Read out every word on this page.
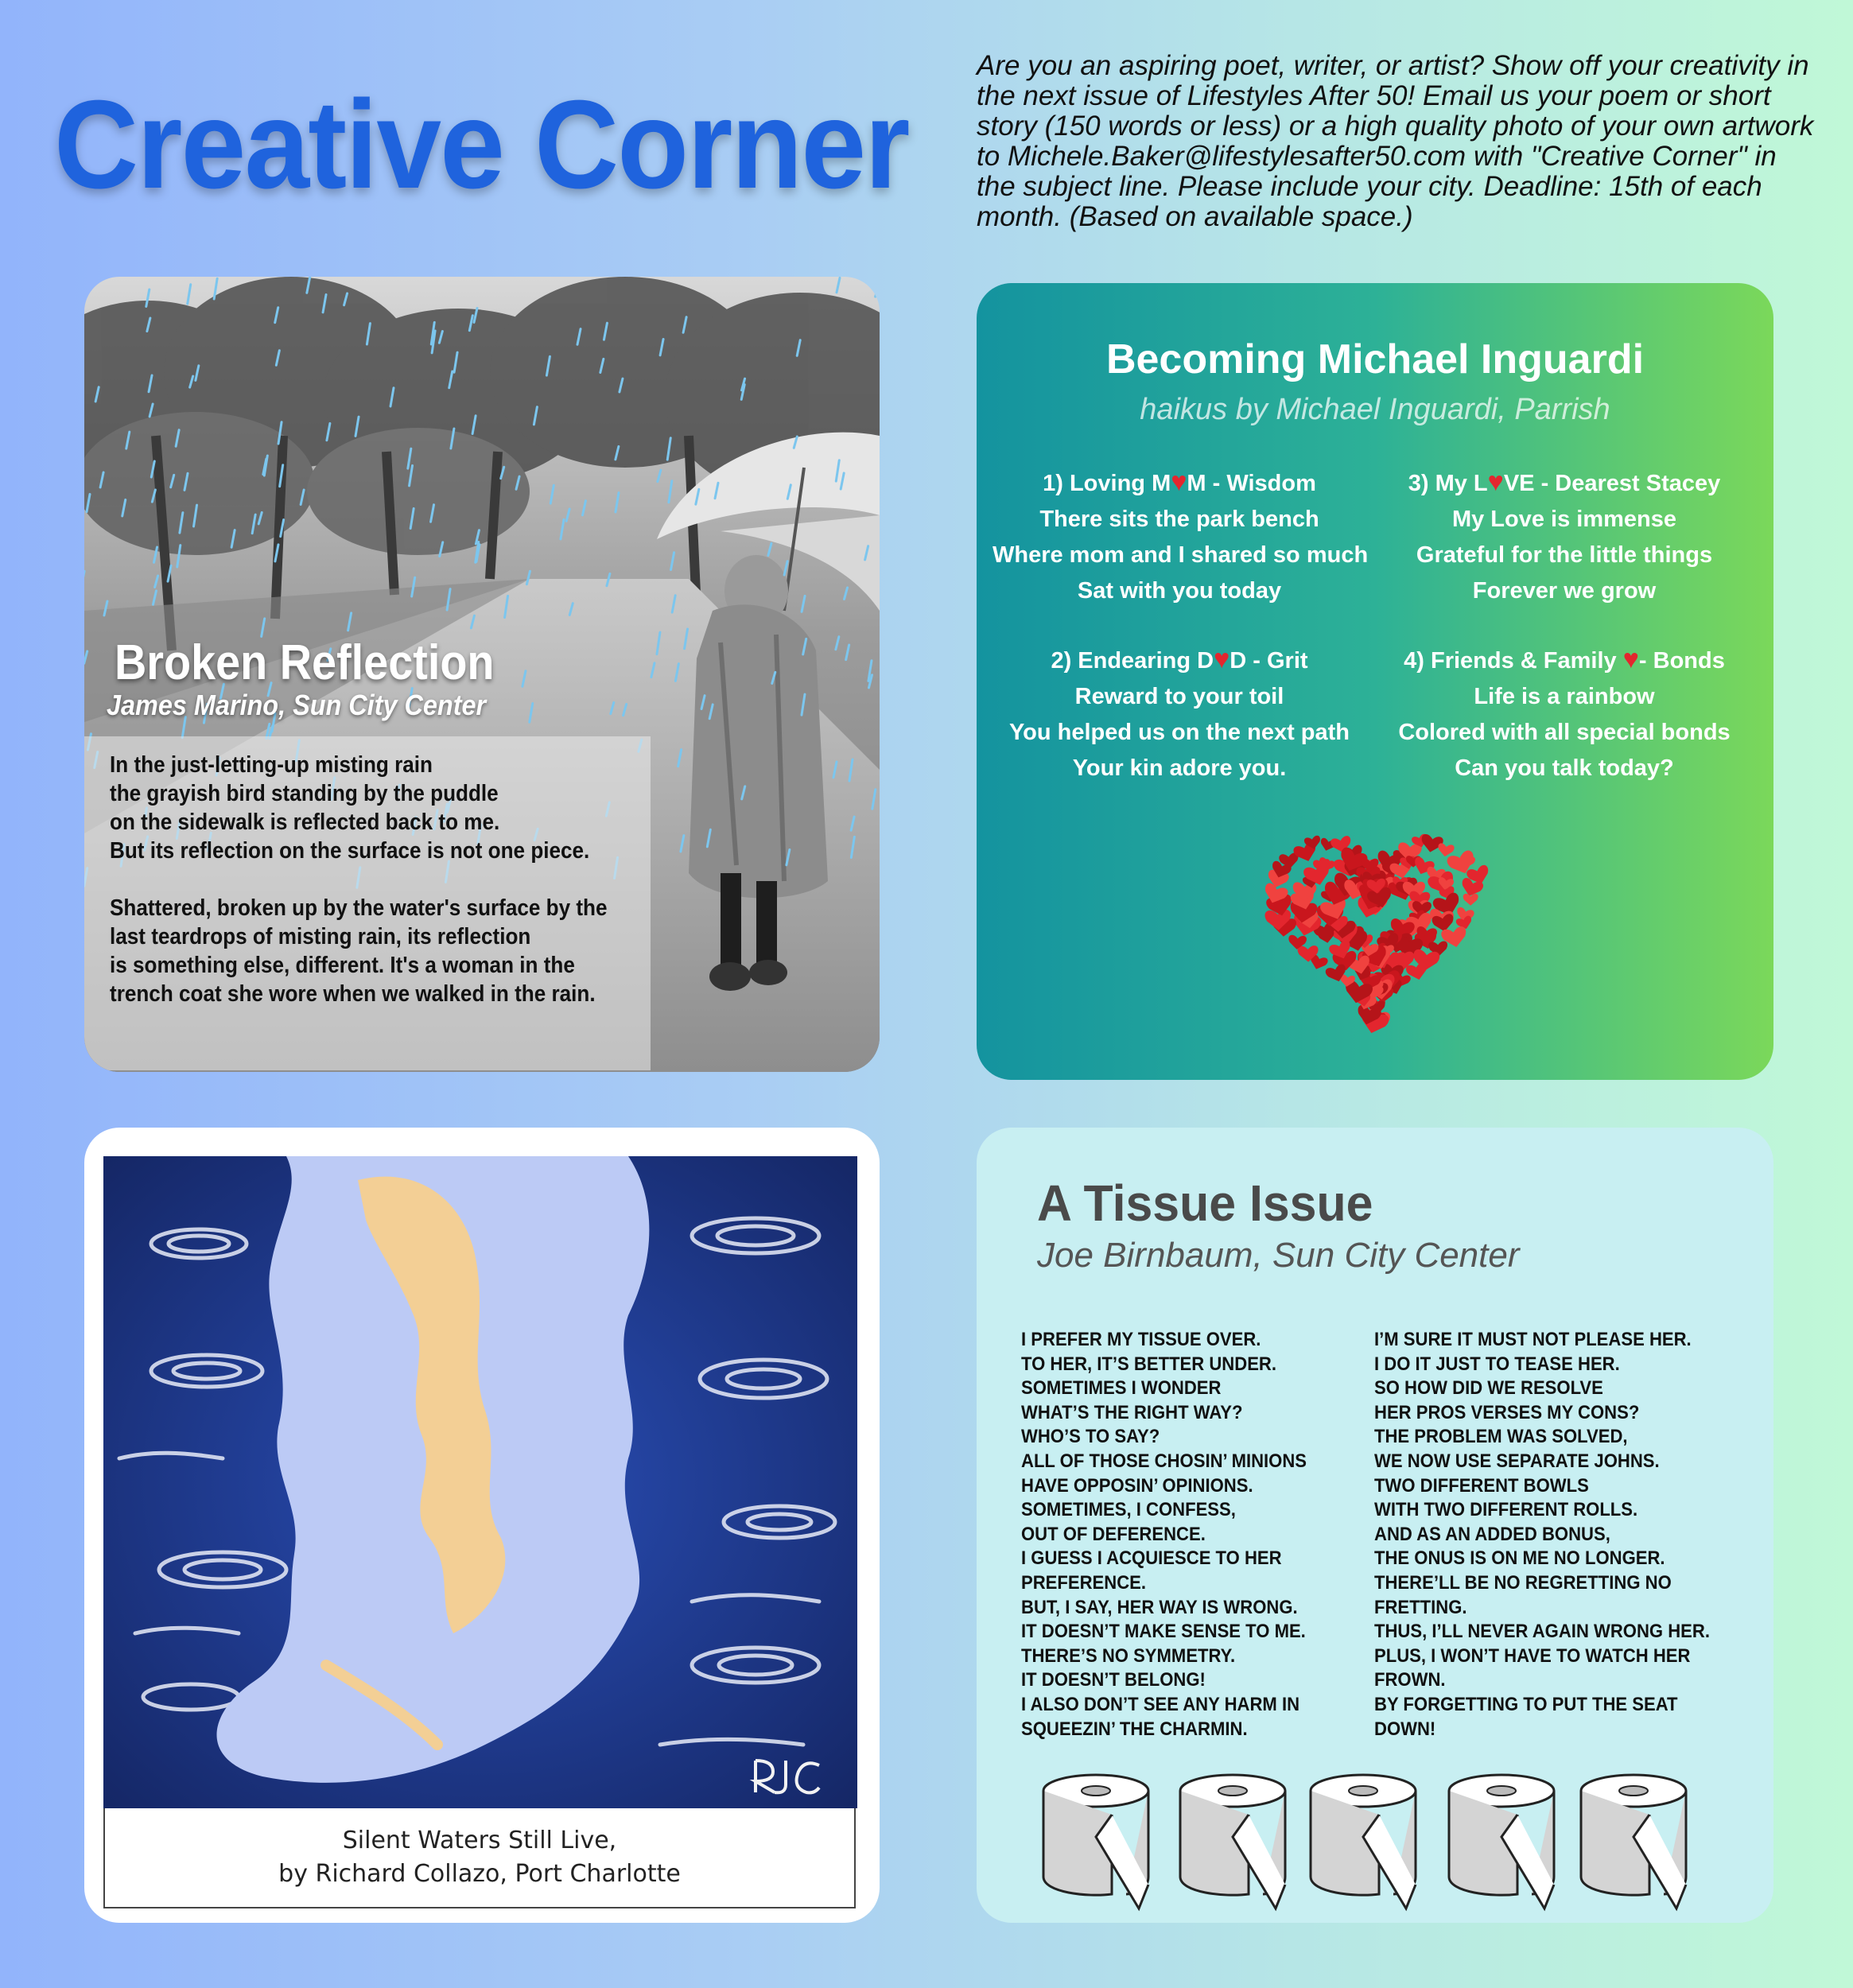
Creative Corner
Are you an aspiring poet, writer, or artist? Show off your creativity in the next issue of Lifestyles After 50! Email us your poem or short story (150 words or less) or a high quality photo of your own artwork to Michele.Baker@lifestylesafter50.com with "Creative Corner" in the subject line. Please include your city. Deadline: 15th of each month. (Based on available space.)
Broken Reflection
James Marino, Sun City Center

In the just-letting-up misting rain
the grayish bird standing by the puddle
on the sidewalk is reflected back to me.
But its reflection on the surface is not one piece.

Shattered, broken up by the water's surface by the
last teardrops of misting rain, its reflection
is something else, different. It's a woman in the
trench coat she wore when we walked in the rain.

Becoming Michael Inguardi
haikus by Michael Inguardi, Parrish
1) Loving M♥M - Wisdom
There sits the park bench
Where mom and I shared so much
Sat with you today
3) My L♥VE - Dearest Stacey
My Love is immense
Grateful for the little things
Forever we grow
2) Endearing D♥D - Grit
Reward to your toil
You helped us on the next path
Your kin adore you.
4) Friends & Family ♥- Bonds
Life is a rainbow
Colored with all special bonds
Can you talk today?
Silent Waters Still Live,
by Richard Collazo, Port Charlotte
A Tissue Issue
Joe Birnbaum, Sun City Center
I PREFER MY TISSUE OVER.
TO HER, IT’S BETTER UNDER.
SOMETIMES I WONDER
WHAT’S THE RIGHT WAY?
WHO’S TO SAY?
ALL OF THOSE CHOSIN’ MINIONS
HAVE OPPOSIN’ OPINIONS.
SOMETIMES, I CONFESS,
OUT OF DEFERENCE.
I GUESS I ACQUIESCE TO HER
PREFERENCE.
BUT, I SAY, HER WAY IS WRONG.
IT DOESN’T MAKE SENSE TO ME.
THERE’S NO SYMMETRY.
IT DOESN’T BELONG!
I ALSO DON’T SEE ANY HARM IN
SQUEEZIN’ THE CHARMIN.
I’M SURE IT MUST NOT PLEASE HER.
I DO IT JUST TO TEASE HER.
SO HOW DID WE RESOLVE
HER PROS VERSES MY CONS?
THE PROBLEM WAS SOLVED,
WE NOW USE SEPARATE JOHNS.
TWO DIFFERENT BOWLS
WITH TWO DIFFERENT ROLLS.
AND AS AN ADDED BONUS,
THE ONUS IS ON ME NO LONGER.
THERE’LL BE NO REGRETTING NO
FRETTING.
THUS, I’LL NEVER AGAIN WRONG HER.
PLUS, I WON’T HAVE TO WATCH HER
FROWN.
BY FORGETTING TO PUT THE SEAT
DOWN!
